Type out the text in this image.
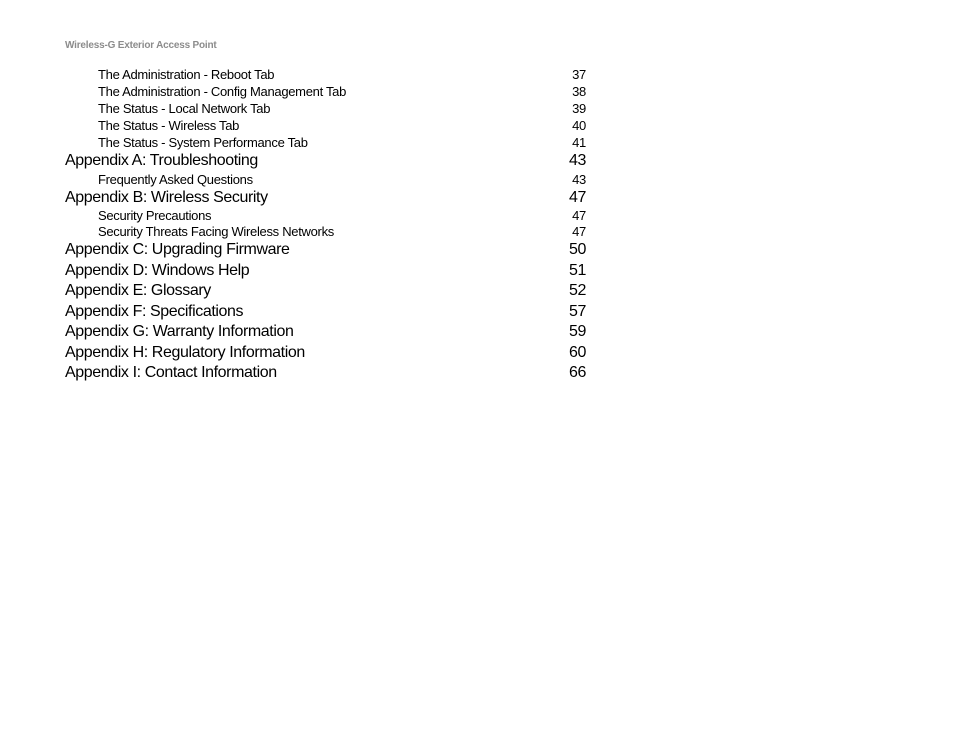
Wireless-G Exterior Access Point
The Administration - Reboot Tab	37
The Administration - Config Management Tab	38
The Status - Local Network Tab	39
The Status - Wireless Tab	40
The Status - System Performance Tab	41
Appendix A: Troubleshooting	43
Frequently Asked Questions	43
Appendix B: Wireless Security	47
Security Precautions	47
Security Threats Facing Wireless Networks	47
Appendix C: Upgrading Firmware	50
Appendix D: Windows Help	51
Appendix E: Glossary	52
Appendix F: Specifications	57
Appendix G: Warranty Information	59
Appendix H: Regulatory Information	60
Appendix I: Contact Information	66
